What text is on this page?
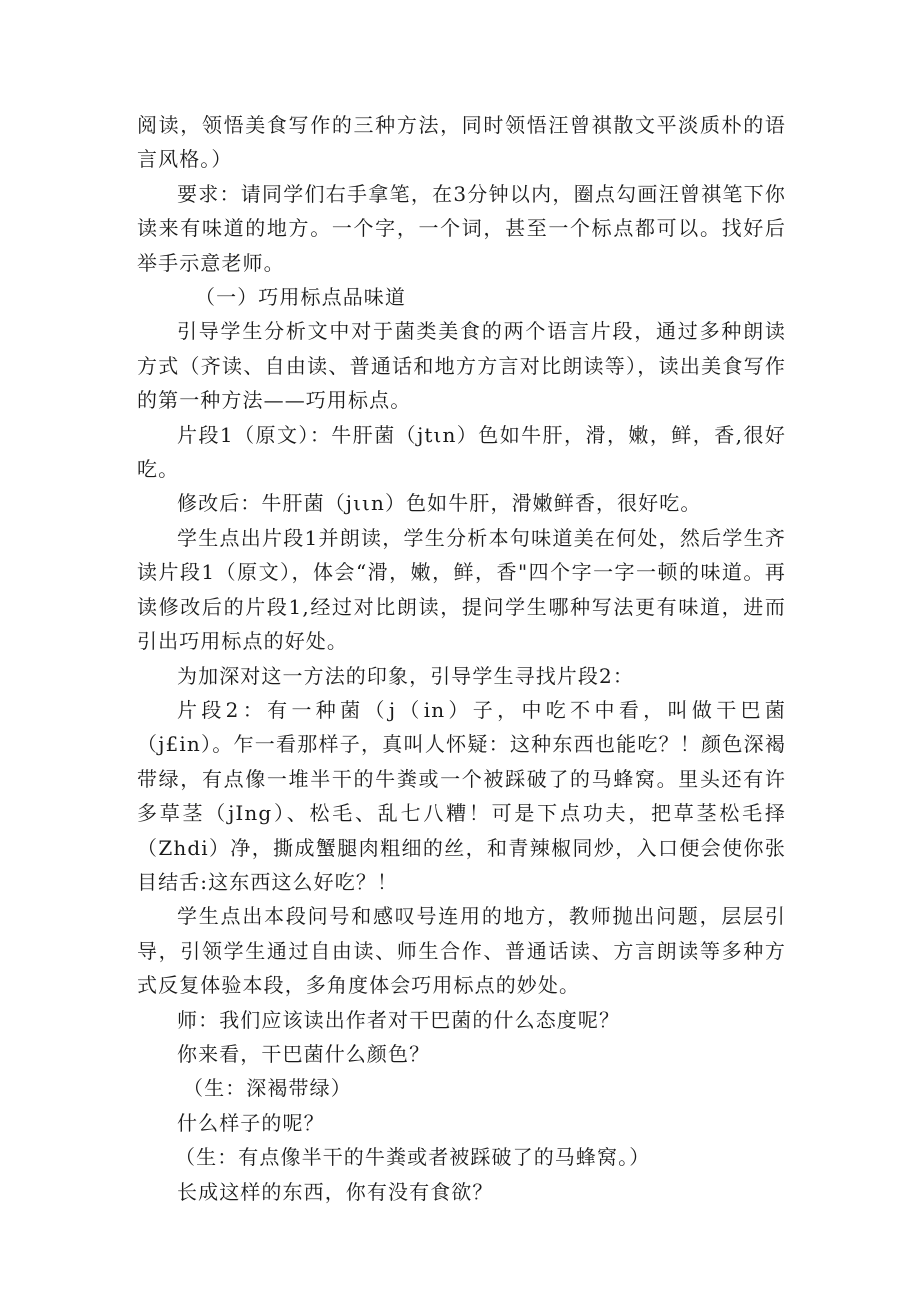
阅读，领悟美食写作的三种方法，同时领悟汪曾祺散文平淡质朴的语言风格。）

要求：请同学们右手拿笔，在3分钟以内，圈点勾画汪曾祺笔下你读来有味道的地方。一个字，一个词，甚至一个标点都可以。找好后举手示意老师。

（一）巧用标点品味道

引导学生分析文中对于菌类美食的两个语言片段，通过多种朗读方式（齐读、自由读、普通话和地方方言对比朗读等），读出美食写作的第一种方法——巧用标点。

片段1（原文）：牛肝菌（jtιn）色如牛肝，滑，嫩，鲜，香,很好吃。

修改后：牛肝菌（jιιn）色如牛肝，滑嫩鲜香，很好吃。

学生点出片段1并朗读，学生分析本句味道美在何处，然后学生齐读片段1（原文），体会“滑，嫩，鲜，香"四个字一字一顿的味道。再读修改后的片段1,经过对比朗读，提问学生哪种写法更有味道，进而引出巧用标点的好处。

为加深对这一方法的印象，引导学生寻找片段2：

片段2：有一种菌（j（in）子，中吃不中看，叫做干巴菌（j£in）。乍一看那样子，真叫人怀疑：这种东西也能吃？！颜色深褐带绿，有点像一堆半干的牛粪或一个被踩破了的马蜂窝。里头还有许多草茎（jIng）、松毛、乱七八糟！可是下点功夫，把草茎松毛择（Zhdi）净，撕成蟹腿肉粗细的丝，和青辣椒同炒，入口便会使你张目结舌:这东西这么好吃？！

学生点出本段问号和感叹号连用的地方，教师抛出问题，层层引导，引领学生通过自由读、师生合作、普通话读、方言朗读等多种方式反复体验本段，多角度体会巧用标点的妙处。

师：我们应该读出作者对干巴菌的什么态度呢？

你来看，干巴菌什么颜色？

（生：深褐带绿）

什么样子的呢？

（生：有点像半干的牛粪或者被踩破了的马蜂窝。）

长成这样的东西，你有没有食欲？
